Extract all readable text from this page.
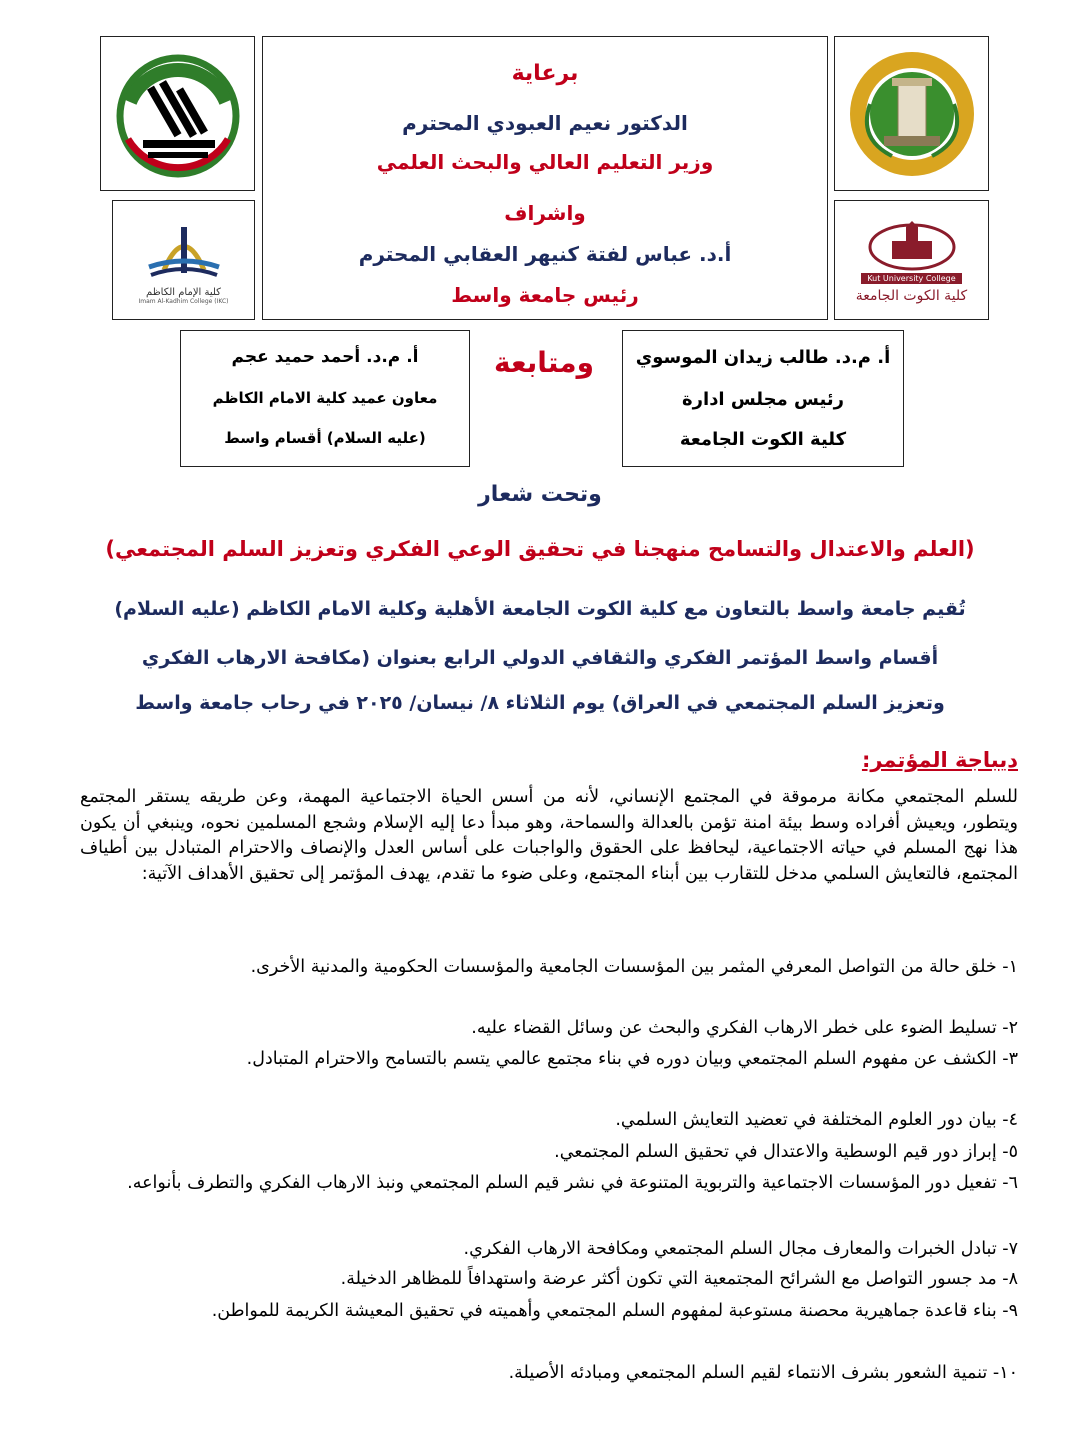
كلية الإمام الكاظم
Imam Al-Kadhim College (IKC)
Kut University College
كلية الكوت الجامعة
برعاية
الدكتور نعيم العبودي المحترم
وزير التعليم العالي والبحث العلمي
واشراف
أ.د. عباس لفتة كنيهر العقابي المحترم
رئيس جامعة واسط
أ. م.د. طالب زيدان الموسوي
رئيس مجلس ادارة
كلية الكوت الجامعة
ومتابعة
أ. م.د. أحمد حميد عجم
معاون عميد كلية الامام الكاظم
(عليه السلام) أقسام واسط
وتحت شعار
(العلم والاعتدال والتسامح منهجنا في تحقيق الوعي الفكري وتعزيز السلم المجتمعي)
تُقيم جامعة واسط بالتعاون مع كلية الكوت الجامعة الأهلية وكلية الامام الكاظم (عليه السلام)
أقسام واسط المؤتمر الفكري والثقافي الدولي الرابع بعنوان (مكافحة الارهاب الفكري
وتعزيز السلم المجتمعي في العراق) يوم الثلاثاء ٨/ نيسان/ ٢٠٢٥ في رحاب جامعة واسط
ديباجة المؤتمر:
للسلم المجتمعي مكانة مرموقة في المجتمع الإنساني، لأنه من أسس الحياة الاجتماعية المهمة، وعن طريقه يستقر المجتمع ويتطور، ويعيش أفراده وسط بيئة امنة تؤمن بالعدالة والسماحة، وهو مبدأ دعا إليه الإسلام وشجع المسلمين نحوه، وينبغي أن يكون هذا نهج المسلم في حياته الاجتماعية، ليحافظ على الحقوق والواجبات على أساس العدل والإنصاف والاحترام المتبادل بين أطياف المجتمع، فالتعايش السلمي مدخل للتقارب بين أبناء المجتمع، وعلى ضوء ما تقدم، يهدف المؤتمر إلى تحقيق الأهداف الآتية:
١- خلق حالة من التواصل المعرفي المثمر بين المؤسسات الجامعية والمؤسسات الحكومية والمدنية الأخرى.
٢- تسليط الضوء على خطر الارهاب الفكري والبحث عن وسائل القضاء عليه.
٣- الكشف عن مفهوم السلم المجتمعي وبيان دوره في بناء مجتمع عالمي يتسم بالتسامح والاحترام المتبادل.
٤- بيان دور العلوم المختلفة في تعضيد التعايش السلمي.
٥- إبراز دور قيم الوسطية والاعتدال في تحقيق السلم المجتمعي.
٦- تفعيل دور المؤسسات الاجتماعية والتربوية المتنوعة في نشر قيم السلم المجتمعي ونبذ الارهاب الفكري والتطرف بأنواعه.
٧- تبادل الخبرات والمعارف مجال السلم المجتمعي ومكافحة الارهاب الفكري.
٨- مد جسور التواصل مع الشرائح المجتمعية التي تكون أكثر عرضة واستهدافاً للمظاهر الدخيلة.
٩- بناء قاعدة جماهيرية محصنة مستوعبة لمفهوم السلم المجتمعي وأهميته في تحقيق المعيشة الكريمة للمواطن.
١٠- تنمية الشعور بشرف الانتماء لقيم السلم المجتمعي ومبادئه الأصيلة.
